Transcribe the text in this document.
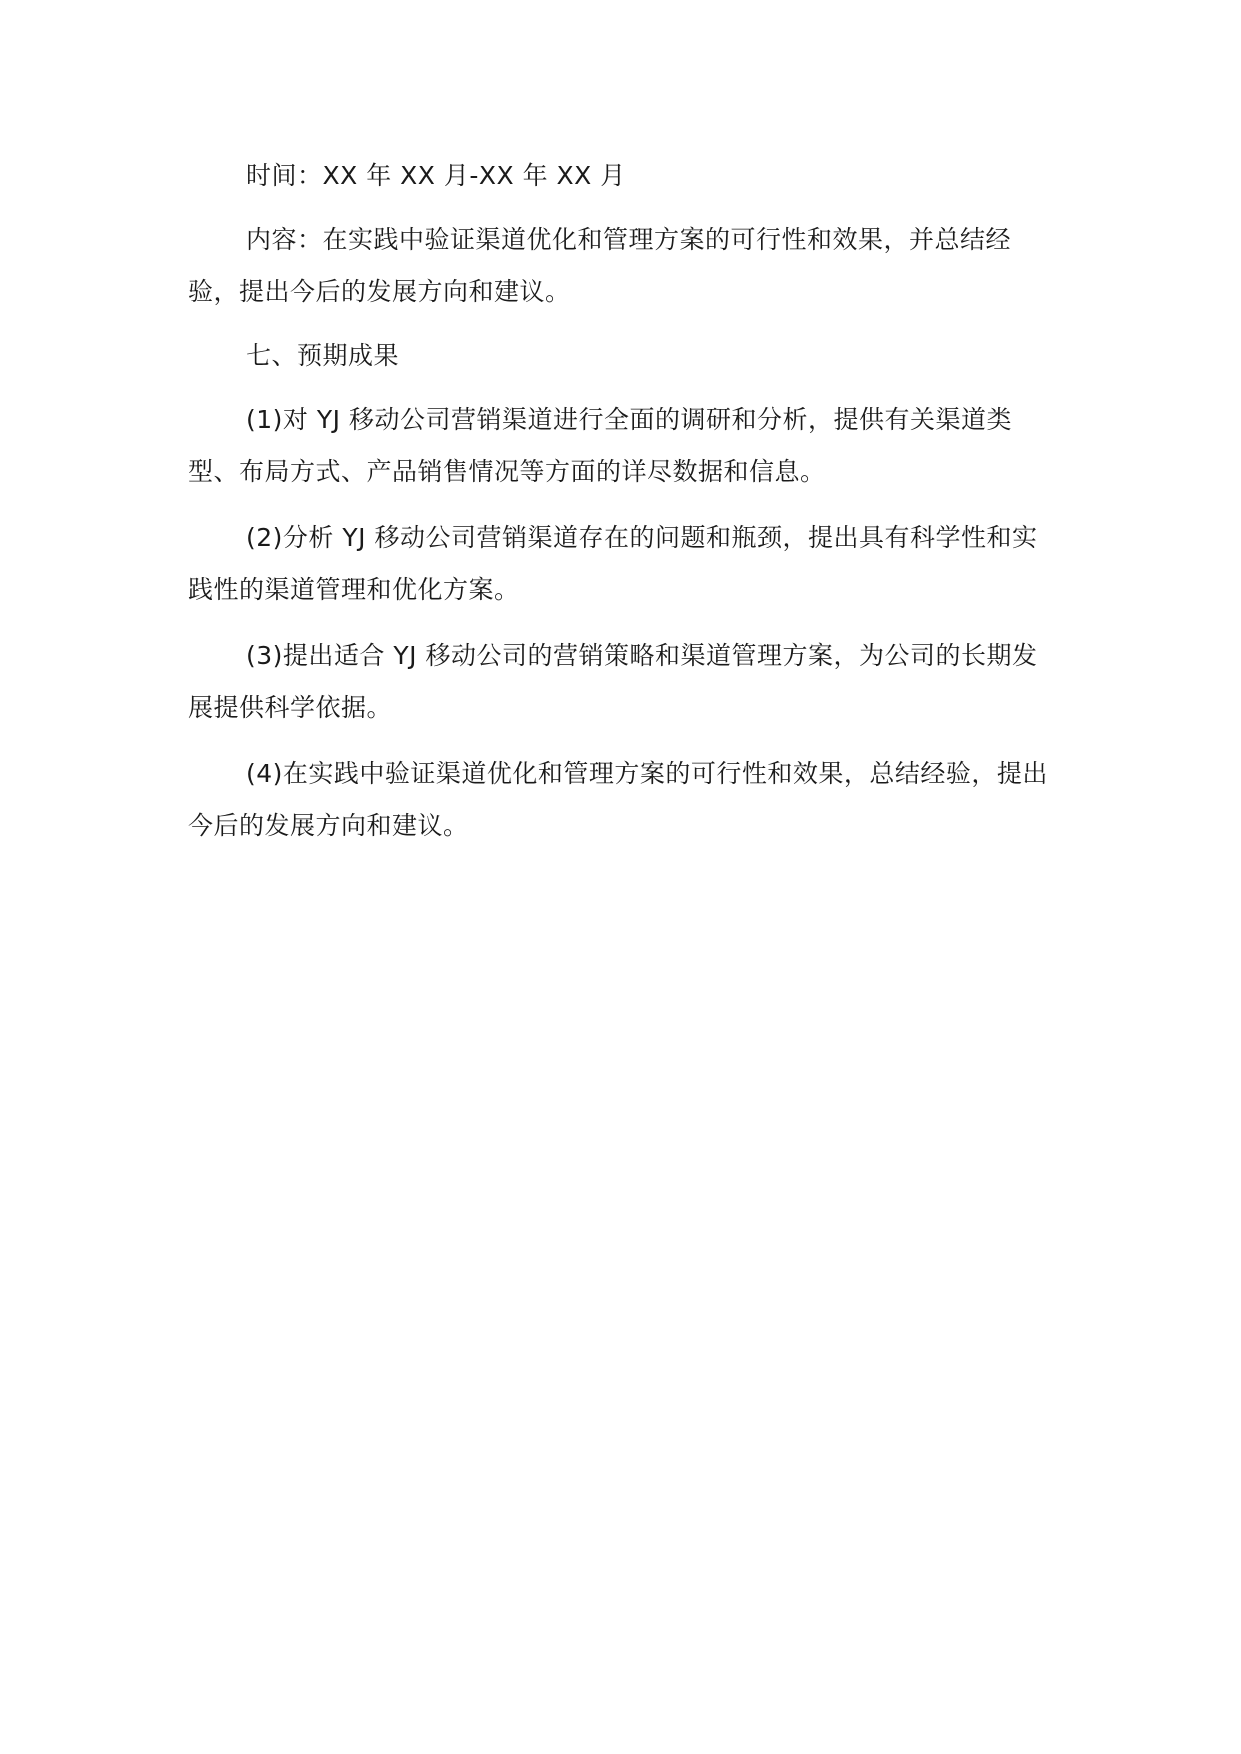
时间：XX 年 XX 月-XX 年 XX 月

内容：在实践中验证渠道优化和管理方案的可行性和效果，并总结经验，提出今后的发展方向和建议。

七、预期成果

(1)对 YJ 移动公司营销渠道进行全面的调研和分析，提供有关渠道类型、布局方式、产品销售情况等方面的详尽数据和信息。

(2)分析 YJ 移动公司营销渠道存在的问题和瓶颈，提出具有科学性和实践性的渠道管理和优化方案。

(3)提出适合 YJ 移动公司的营销策略和渠道管理方案，为公司的长期发展提供科学依据。

(4)在实践中验证渠道优化和管理方案的可行性和效果，总结经验，提出今后的发展方向和建议。
